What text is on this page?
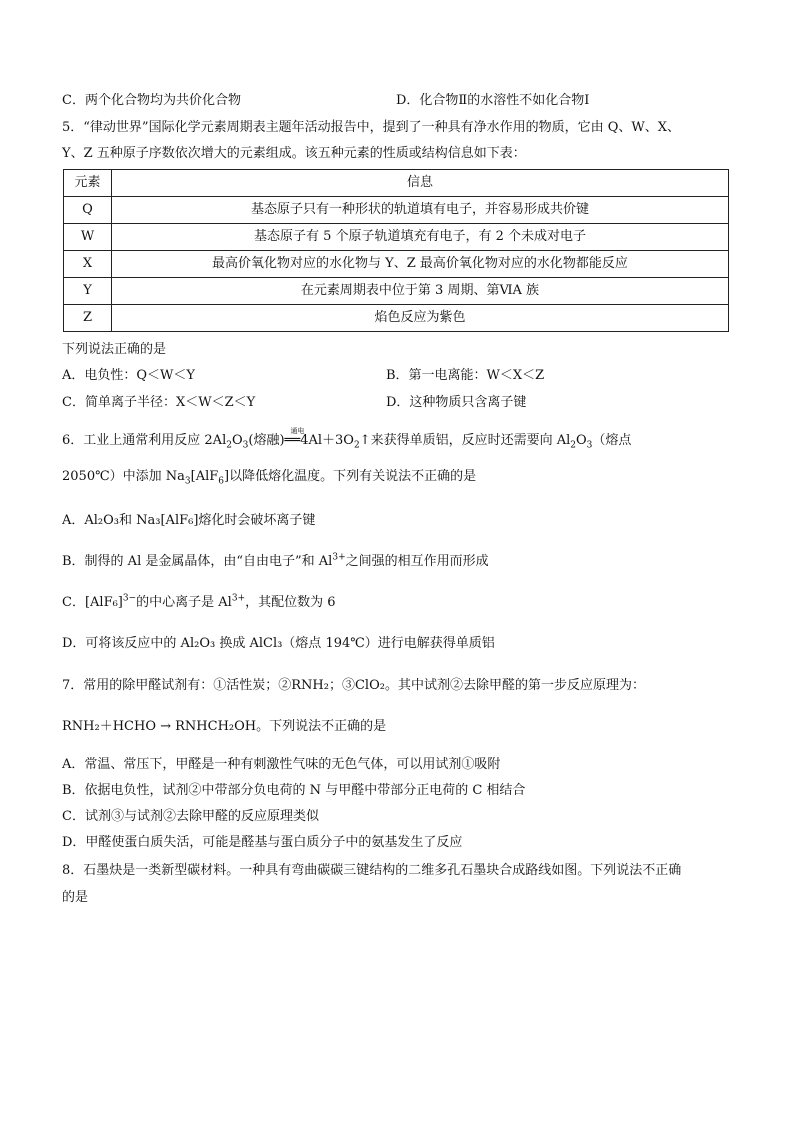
C．两个化合物均为共价化合物	D．化合物Ⅱ的水溶性不如化合物Ⅰ
5．“律动世界”国际化学元素周期表主题年活动报告中，提到了一种具有净水作用的物质，它由 Q、W、X、
Y、Z 五种原子序数依次增大的元素组成。该五种元素的性质或结构信息如下表：
元素	信息
Q	基态原子只有一种形状的轨道填有电子，并容易形成共价键
W	基态原子有 5 个原子轨道填充有电子，有 2 个未成对电子
X	最高价氧化物对应的水化物与 Y、Z 最高价氧化物对应的水化物都能反应
Y	在元素周期表中位于第 3 周期、第ⅥA 族
Z	焰色反应为紫色
下列说法正确的是
A．电负性：Q＜W＜Y	B．第一电离能：W＜X＜Z
C．简单离子半径：X＜W＜Z＜Y	D．这种物质只含离子键
6．工业上通常利用反应 $2Al_2O_3$(熔融)
通电
$══4Al+3O_2↑$来获得单质铝，反应时还需要向 $Al_2O_3$（熔点
2050℃）中添加 $Na_3[AlF_6]$以降低熔化温度。下列有关说法不正确的是
A．Al₂O₃和 Na₃[AlF₆]熔化时会破坏离子键
B．制得的 Al 是金属晶体，由“自由电子”和 $Al^{3+}$之间强的相互作用而形成
C．$[AlF_6]^{3-}$的中心离子是 $Al^{3+}$，其配位数为 6
D．可将该反应中的 Al₂O₃ 换成 AlCl₃（熔点 194℃）进行电解获得单质铝
7．常用的除甲醛试剂有：①活性炭；②RNH₂；③ClO₂。其中试剂②去除甲醛的第一步反应原理为：
RNH₂＋HCHO → RNHCH₂OH。下列说法不正确的是
A．常温、常压下，甲醛是一种有刺激性气味的无色气体，可以用试剂①吸附
B．依据电负性，试剂②中带部分负电荷的 N 与甲醛中带部分正电荷的 C 相结合
C．试剂③与试剂②去除甲醛的反应原理类似
D．甲醛使蛋白质失活，可能是醛基与蛋白质分子中的氨基发生了反应
8．石墨炔是一类新型碳材料。一种具有弯曲碳碳三键结构的二维多孔石墨块合成路线如图。下列说法不正确
的是
